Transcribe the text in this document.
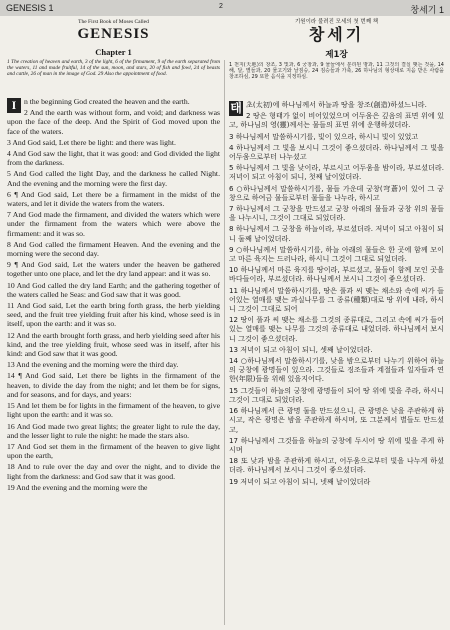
GENESIS 1	2	창세기 1
The First Book of Moses Called
GENESIS
Chapter 1
1 The creation of heaven and earth, 3 of the light, 6 of the firmament, 9 of the earth separated from the waters, 11 and made fruitful, 14 of the sun, moon, and stars, 20 of fish and fowl, 24 of beasts and cattle, 26 of man in the image of God. 29 Also the appointment of food.
I n the beginning God created the heaven and the earth.
2 And the earth was without form, and void; and darkness was upon the face of the deep. And the Spirit of God moved upon the face of the waters.
3 And God said, Let there be light: and there was light.
4 And God saw the light, that it was good: and God divided the light from the darkness.
5 And God called the light Day, and the darkness he called Night. And the evening and the morning were the first day.
6 ¶ And God said, Let there be a firmament in the midst of the waters, and let it divide the waters from the waters.
7 And God made the firmament, and divided the waters which were under the firmament from the waters which were above the firmament: and it was so.
8 And God called the firmament Heaven. And the evening and the morning were the second day.
9 ¶ And God said, Let the waters under the heaven be gathered together unto one place, and let the dry land appear: and it was so.
10 And God called the dry land Earth; and the gathering together of the waters called he Seas: and God saw that it was good.
11 And God said, Let the earth bring forth grass, the herb yielding seed, and the fruit tree yielding fruit after his kind, whose seed is in itself, upon the earth: and it was so.
12 And the earth brought forth grass, and herb yielding seed after his kind, and the tree yielding fruit, whose seed was in itself, after his kind: and God saw that it was good.
13 And the evening and the morning were the third day.
14 ¶ And God said, Let there be lights in the firmament of the heaven, to divide the day from the night; and let them be for signs, and for seasons, and for days, and years:
15 And let them be for lights in the firmament of the heaven, to give light upon the earth: and it was so.
16 And God made two great lights; the greater light to rule the day, and the lesser light to rule the night: he made the stars also.
17 And God set them in the firmament of the heaven to give light upon the earth,
18 And to rule over the day and over the night, and to divide the light from the darkness: and God saw that it was good.
19 And the evening and the morning were the
기원이라 불려진 모세의 첫 번째 책
창세기
제1장
1 천지(天地)의 창조, 3 빛과, 6 궁창과, 9 물들에서 분리된 땅과, 11 그것의 결실 맺는 것을, 14 해, 달, 별들과, 20 물고기와 날짐승, 24 짐승들과 가축, 26 하나님의 형상대로 지음 받은 사람을 창조하심, 29 또한 음식을 지정하심.
태 초(太初)에 하나님께서 하늘과 땅을 창조(創造)하셨느니라.
2 땅은 형태가 없이 비어있었으며 어두움은 깊음의 표면 위에 있고, 하나님의 영(靈)께서는 물들의 표면 위에 운행하셨더라.
3 하나님께서 말씀하시기를, 빛이 있으라, 하시니 빛이 있었고
4 하나님께서 그 빛을 보시니 그것이 좋으셨더라. 하나님께서 그 빛을 어두움으로부터 나누셨고
5 하나님께서 그 빛을 낮이라, 부르시고 어두움을 밤이라, 부르셨더라. 저녁이 되고 아침이 되니, 첫째 날이었더라.
6 ○하나님께서 말씀하시기를, 물들 가운데 궁창(穹蒼)이 있어 그 궁창으로 하여금 물들로부터 물들을 나누라, 하시고
7 하나님께서 그 궁창을 만드셨고 궁창 아래의 물들과 궁창 위의 물들을 나누시니, 그것이 그대로 되었더라.
8 하나님께서 그 궁창을 하늘이라, 부르셨더라. 저녁이 되고 아침이 되니 둘째 날이었더라.
9 ○하나님께서 말씀하시기를, 하늘 아래의 물들은 한 곳에 함께 모이고 마른 육지는 드러나라, 하시니 그것이 그대로 되었더라.
10 하나님께서 마른 육지를 땅이라, 부르셨고, 물들이 함께 모인 곳을 바다들이라, 부르셨더라. 하나님께서 보시니 그것이 좋으셨더라.
11 하나님께서 말씀하시기를, 땅은 풀과 씨 맺는 채소와 속에 씨가 들어있는 열매를 맺는 과실나무를 그 종류(種類)대로 땅 위에 내라, 하시니 그것이 그대로 되어
12 땅이 풀과 씨 맺는 채소를 그것의 종류대로, 그리고 속에 씨가 들어 있는 열매를 맺는 나무를 그것의 종류대로 내었더라. 하나님께서 보시니 그것이 좋으셨더라.
13 저녁이 되고 아침이 되니, 셋째 날이었더라.
14 ○하나님께서 말씀하시기를, 낮을 밤으로부터 나누기 위하여 하늘의 궁창에 광명들이 있으라. 그것들로 징조들과 계절들과 일자들과 연한(年限)들을 위해 있을지어다.
15 그것들이 하늘의 궁창에 광명들이 되어 땅 위에 빛을 주라, 하시니 그것이 그대로 되었더라.
16 하나님께서 큰 광명 둘을 만드셨으니, 큰 광명은 낮을 주관하게 하시고, 작은 광명은 밤을 주관하게 하시며, 또 그분께서 별들도 만드셨고,
17 하나님께서 그것들을 하늘의 궁창에 두시어 땅 위에 빛을 주게 하시며
18 또 낮과 밤을 주관하게 하시고, 어두움으로부터 빛을 나누게 하셨더라. 하나님께서 보시니 그것이 좋으셨더라.
19 저녁이 되고 아침이 되니, 넷째 날이었더라
